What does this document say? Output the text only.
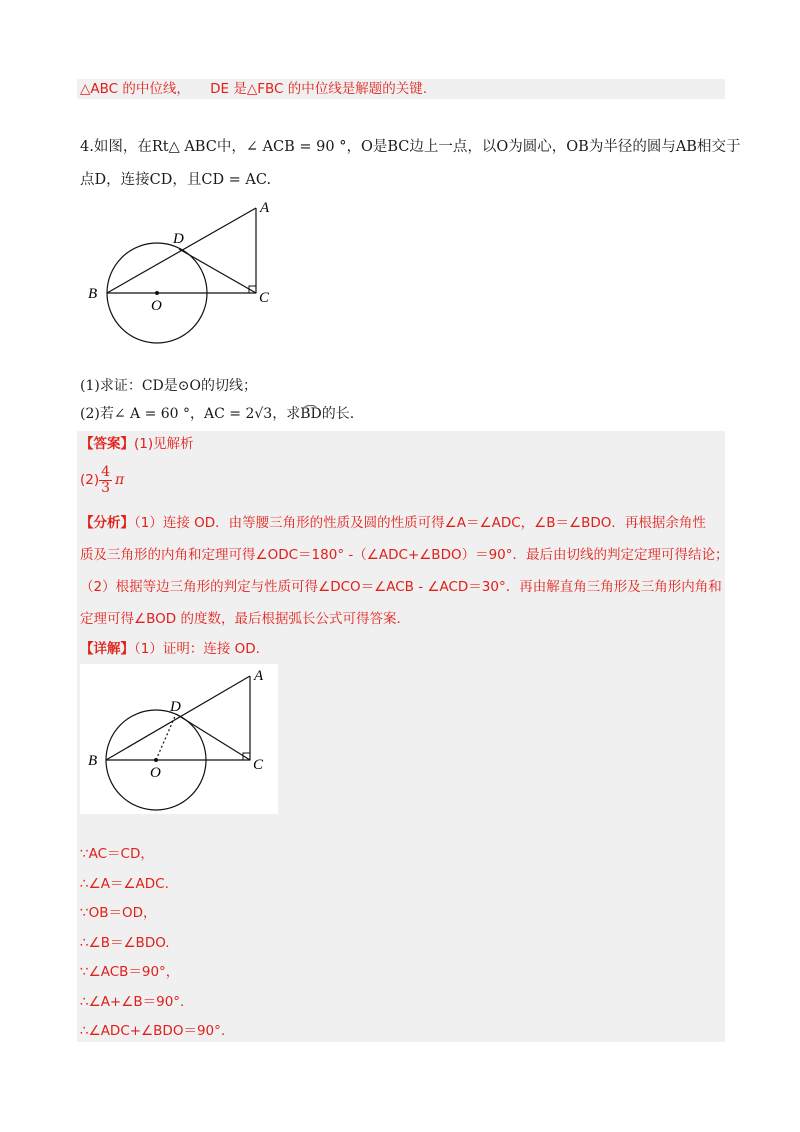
△ABC 的中位线， DE 是△FBC 的中位线是解题的关键.
4.如图，在Rt△ ABC中，∠ ACB = 90 °，O是BC边上一点，以O为圆心，OB为半径的圆与AB相交于
点D，连接CD，且CD = AC.
A
B	C
D
O
(1)求证：CD是⊙O的切线；
(2)若∠ A = 60 °，AC = 2√3，求B͡D的长.
【答案】(1)见解析
$(2) \frac{4}{3}$ π
【分析】（1）连接 OD．由等腰三角形的性质及圆的性质可得∠A＝∠ADC，∠B＝∠BDO．再根据余角性
质及三角形的内角和定理可得∠ODC＝180° -（∠ADC+∠BDO）＝90°．最后由切线的判定定理可得结论；
（2）根据等边三角形的判定与性质可得∠DCO＝∠ACB - ∠ACD＝30°．再由解直角三角形及三角形内角和
定理可得∠BOD 的度数，最后根据弧长公式可得答案．
【详解】（1）证明：连接 OD.
A
B	C
D
O
∵AC＝CD，
∴∠A＝∠ADC.
∵OB＝OD，
∴∠B＝∠BDO.
∵∠ACB＝90°，
∴∠A+∠B＝90°.
∴∠ADC+∠BDO＝90°.
